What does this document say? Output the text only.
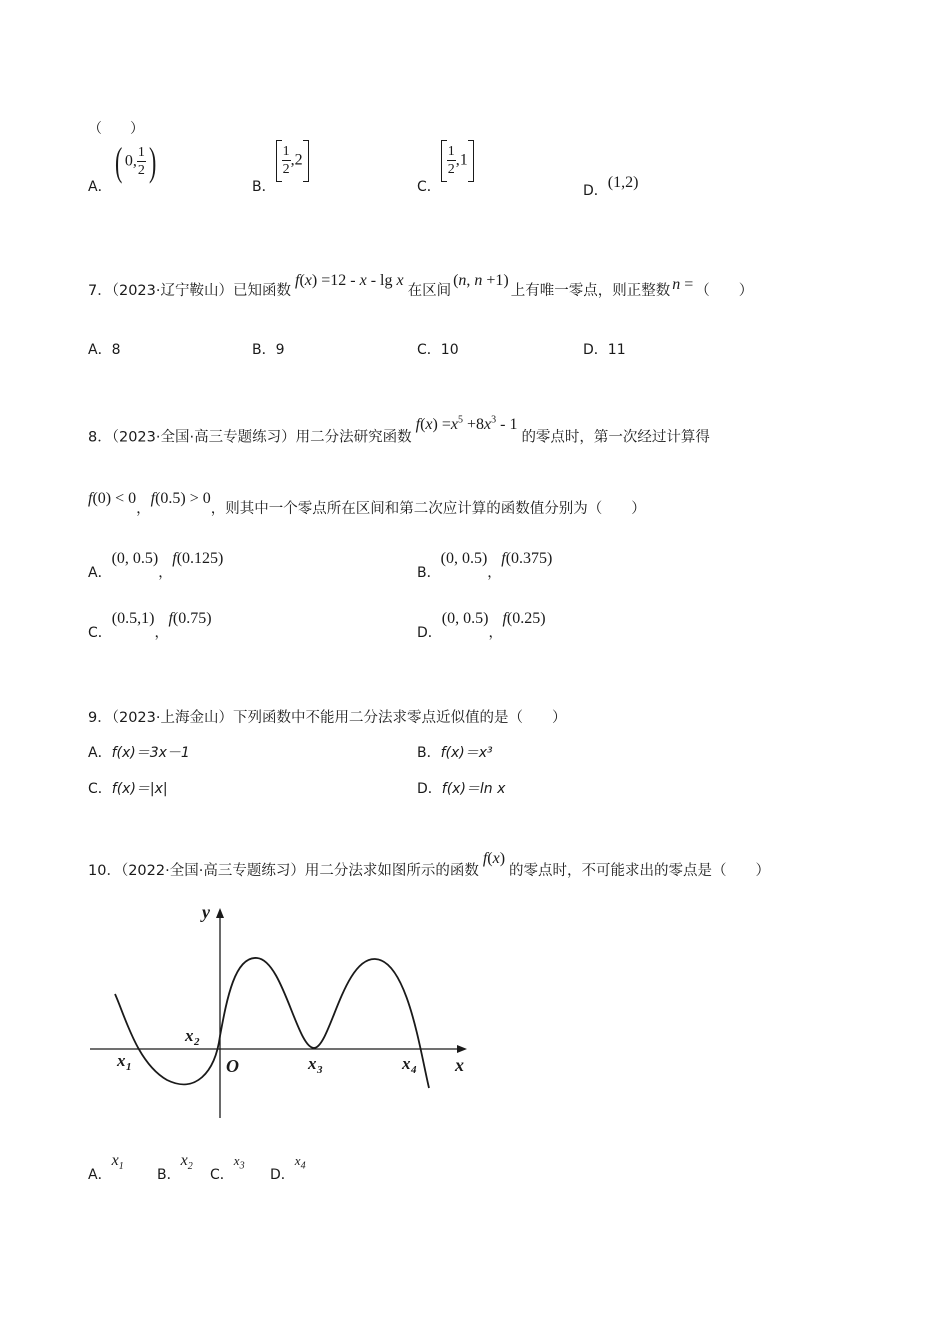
（　　）
A．
( 0, $\frac{1}{2}$ )
B．
$\frac{1}{2} ,2$
C．
$\frac{1}{2} ,1$
D．(1,2)
7．（2023·辽宁鞍山）已知函数f(x) =12 - x - lg x在区间(n, n +1)上有唯一零点，则正整数 n = （　　）
A．8	B．9	C．10	D．11
8．（2023·全国·高三专题练习）用二分法研究函数$f(x) =x^5 +8x^3 - 1$的零点时，第一次经过计算得
f(0) < 0，f(0.5) > 0，则其中一个零点所在区间和第二次应计算的函数值分别为（　　）
A．(0, 0.5)，f(0.125)
B．(0, 0.5)，f(0.375)
C．(0.5,1)，f(0.75)
D．(0, 0.5)，f(0.25)
9．（2023·上海金山）下列函数中不能用二分法求零点近似值的是（　　）
A．f(x)＝3x－1	B．f(x)＝x³
C．f(x)＝|x|	D．f(x)＝ln x
10．（2022·全国·高三专题练习）用二分法求如图所示的函数f(x)的零点时，不可能求出的零点是（　　）
y
x
O
x 1
x 2
x 3	x 4
A．$x_1$
B．$x_2$
C．$x_3$
D．$x_4$
